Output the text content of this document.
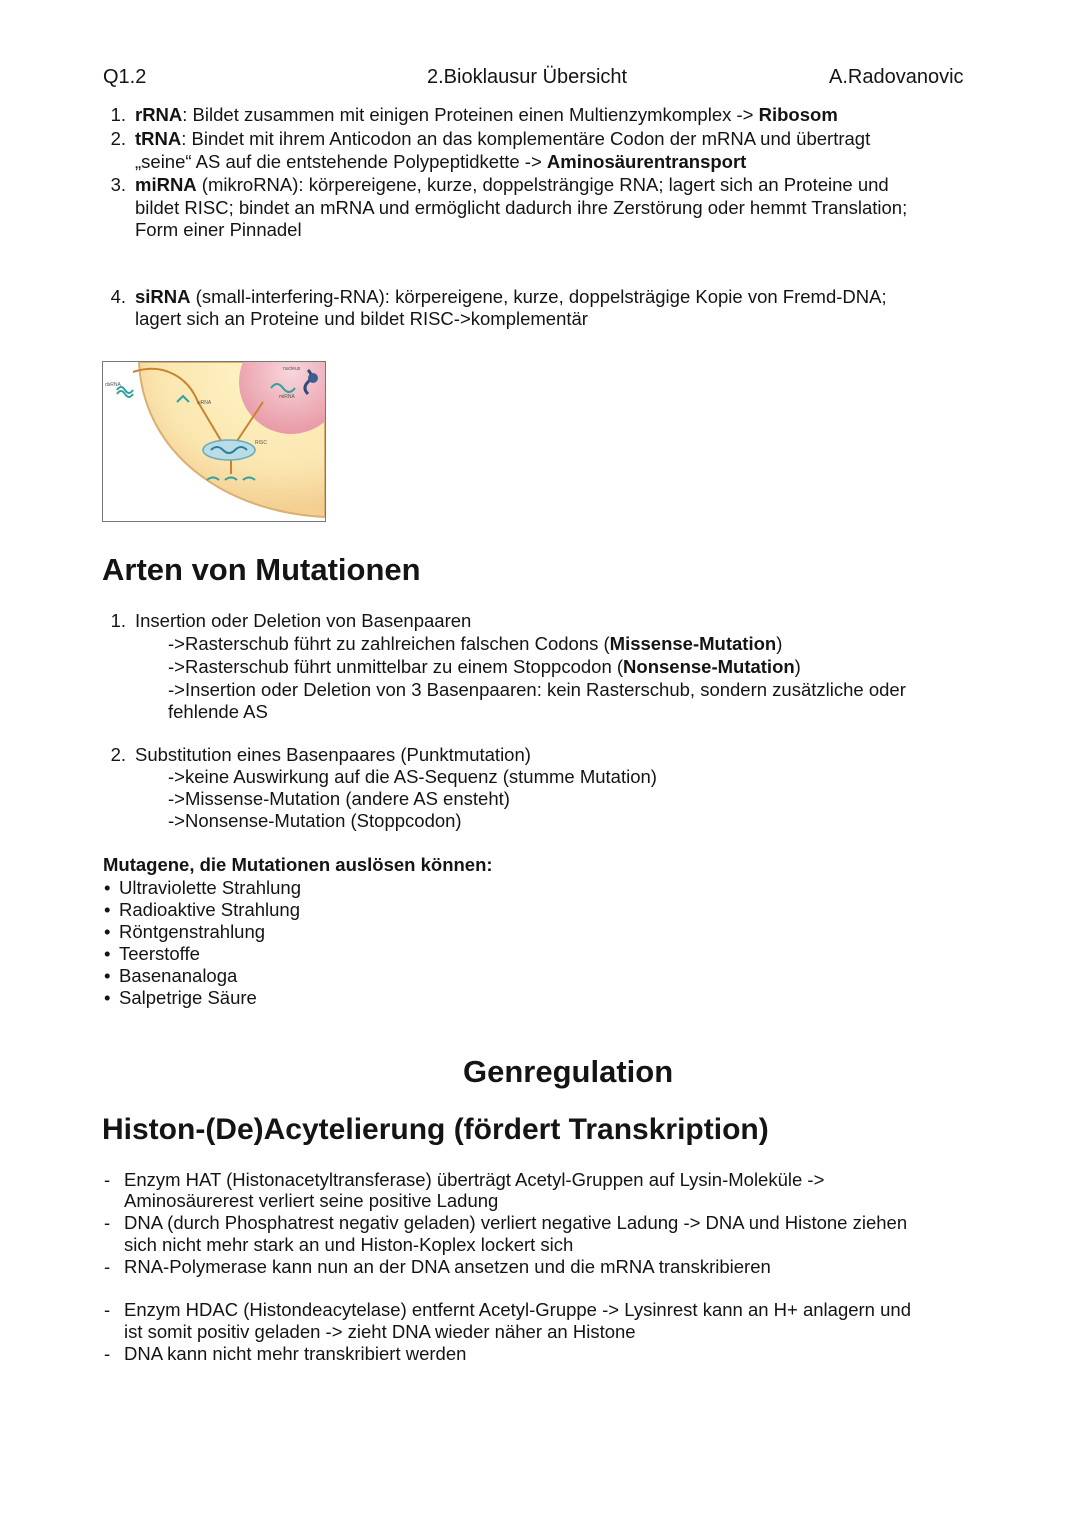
Q1.2	2.Bioklausur Übersicht	A.Radovanovic
1. rRNA: Bildet zusammen mit einigen Proteinen einen Multienzymkomplex -> Ribosom
2. tRNA: Bindet mit ihrem Anticodon an das komplementäre Codon der mRNA und übertragt
„seine“ AS auf die entstehende Polypeptidkette -> Aminosäurentransport
3. miRNA (mikroRNA): körpereigene, kurze, doppelsträngige RNA; lagert sich an Proteine und
bildet RISC; bindet an mRNA und ermöglicht dadurch ihre Zerstörung oder hemmt Translation;
Form einer Pinnadel
4. siRNA (small-interfering-RNA): körpereigene, kurze, doppelsträgige Kopie von Fremd-DNA;
lagert sich an Proteine und bildet RISC->komplementär
dsRNA
siRNA
RISC
nucleus
miRNA
Arten von Mutationen
1. Insertion oder Deletion von Basenpaaren
->Rasterschub führt zu zahlreichen falschen Codons (Missense-Mutation)
->Rasterschub führt unmittelbar zu einem Stoppcodon (Nonsense-Mutation)
->Insertion oder Deletion von 3 Basenpaaren: kein Rasterschub, sondern zusätzliche oder
fehlende AS
2. Substitution eines Basenpaares (Punktmutation)
->keine Auswirkung auf die AS-Sequenz (stumme Mutation)
->Missense-Mutation (andere AS ensteht)
->Nonsense-Mutation (Stoppcodon)
Mutagene, die Mutationen auslösen können:
• Ultraviolette Strahlung
• Radioaktive Strahlung
• Röntgenstrahlung
• Teerstoffe
• Basenanaloga
• Salpetrige Säure
Genregulation
Histon-(De)Acytelierung (fördert Transkription)
- Enzym HAT (Histonacetyltransferase) überträgt Acetyl-Gruppen auf Lysin-Moleküle ->
Aminosäurerest verliert seine positive Ladung
- DNA (durch Phosphatrest negativ geladen) verliert negative Ladung -> DNA und Histone ziehen
sich nicht mehr stark an und Histon-Koplex lockert sich
- RNA-Polymerase kann nun an der DNA ansetzen und die mRNA transkribieren
- Enzym HDAC (Histondeacytelase) entfernt Acetyl-Gruppe -> Lysinrest kann an H+ anlagern und
ist somit positiv geladen -> zieht DNA wieder näher an Histone
- DNA kann nicht mehr transkribiert werden
